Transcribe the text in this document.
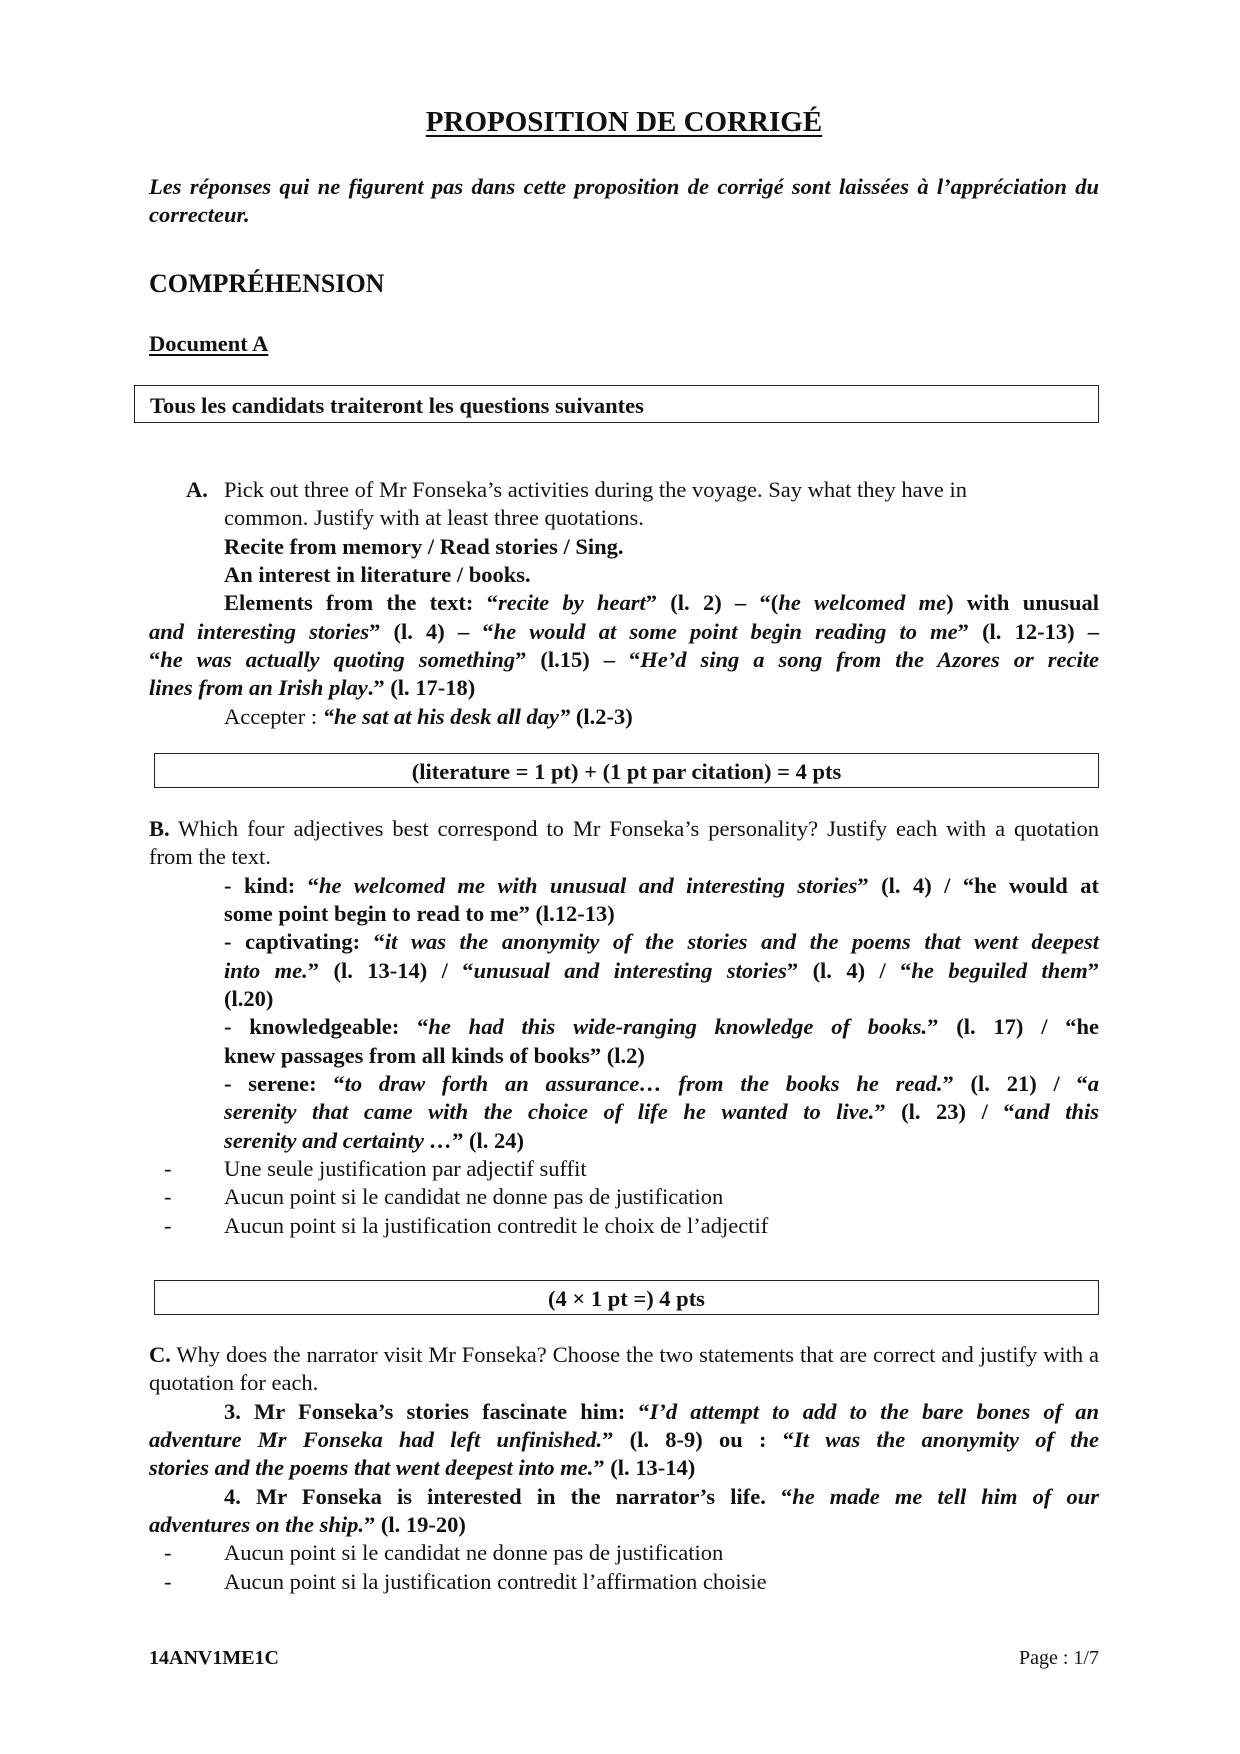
PROPOSITION DE CORRIGÉ
Les réponses qui ne figurent pas dans cette proposition de corrigé sont laissées à l’appréciation du correcteur.
COMPRÉHENSION
Document A
Tous les candidats traiteront les questions suivantes
A. Pick out three of Mr Fonseka’s activities during the voyage. Say what they have in
common. Justify with at least three quotations.
Recite from memory / Read stories / Sing.
An interest in literature / books.
Elements from the text: “recite by heart” (l. 2) – “(he welcomed me) with unusual
and interesting stories” (l. 4) – “he would at some point begin reading to me” (l. 12-13) –
“he was actually quoting something” (l.15) – “He’d sing a song from the Azores or recite
lines from an Irish play.” (l. 17-18)
Accepter : “he sat at his desk all day” (l.2-3)
(literature = 1 pt) + (1 pt par citation) = 4 pts
B. Which four adjectives best correspond to Mr Fonseka’s personality? Justify each with a quotation from the text.
- kind: “he welcomed me with unusual and interesting stories” (l. 4) / “he would at
some point begin to read to me” (l.12-13)
- captivating: “it was the anonymity of the stories and the poems that went deepest
into me.” (l. 13-14) / “unusual and interesting stories” (l. 4) / “he beguiled them”
(l.20)
- knowledgeable: “he had this wide-ranging knowledge of books.” (l. 17) / “he
knew passages from all kinds of books” (l.2)
- serene: “to draw forth an assurance… from the books he read.” (l. 21) / “a
serenity that came with the choice of life he wanted to live.” (l. 23) / “and this
serenity and certainty …” (l. 24)
- Une seule justification par adjectif suffit
- Aucun point si le candidat ne donne pas de justification
- Aucun point si la justification contredit le choix de l’adjectif
(4 × 1 pt =) 4 pts
C. Why does the narrator visit Mr Fonseka? Choose the two statements that are correct and justify with a quotation for each.
3. Mr Fonseka’s stories fascinate him: “I’d attempt to add to the bare bones of an
adventure Mr Fonseka had left unfinished.” (l. 8-9) ou : “It was the anonymity of the
stories and the poems that went deepest into me.” (l. 13-14)
4. Mr Fonseka is interested in the narrator’s life. “he made me tell him of our
adventures on the ship.” (l. 19-20)
- Aucun point si le candidat ne donne pas de justification
- Aucun point si la justification contredit l’affirmation choisie
14ANV1ME1C	Page : 1/7
